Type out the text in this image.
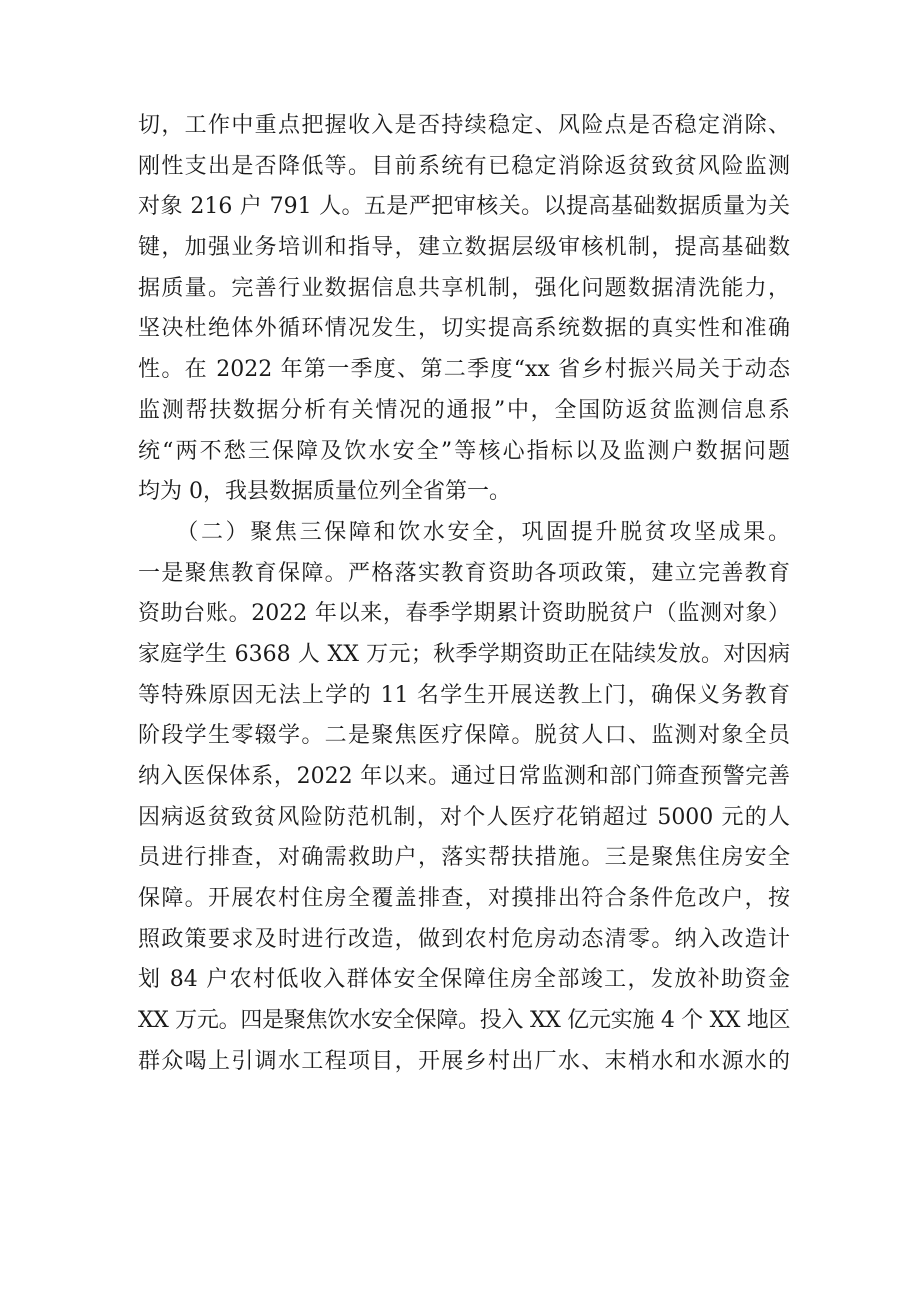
切，工作中重点把握收入是否持续稳定、风险点是否稳定消除、
刚性支出是否降低等。目前系统有已稳定消除返贫致贫风险监测
对象 216 户 791 人。五是严把审核关。以提高基础数据质量为关
键，加强业务培训和指导，建立数据层级审核机制，提高基础数
据质量。完善行业数据信息共享机制，强化问题数据清洗能力，
坚决杜绝体外循环情况发生，切实提高系统数据的真实性和准确
性。在 2022 年第一季度、第二季度“xx 省乡村振兴局关于动态
监测帮扶数据分析有关情况的通报”中，全国防返贫监测信息系
统“两不愁三保障及饮水安全”等核心指标以及监测户数据问题
均为 0，我县数据质量位列全省第一。
　　（二）聚焦三保障和饮水安全，巩固提升脱贫攻坚成果。
一是聚焦教育保障。严格落实教育资助各项政策，建立完善教育
资助台账。2022 年以来，春季学期累计资助脱贫户（监测对象）
家庭学生 6368 人 XX 万元；秋季学期资助正在陆续发放。对因病
等特殊原因无法上学的 11 名学生开展送教上门，确保义务教育
阶段学生零辍学。二是聚焦医疗保障。脱贫人口、监测对象全员
纳入医保体系，2022 年以来。通过日常监测和部门筛查预警完善
因病返贫致贫风险防范机制，对个人医疗花销超过 5000 元的人
员进行排查，对确需救助户，落实帮扶措施。三是聚焦住房安全
保障。开展农村住房全覆盖排查，对摸排出符合条件危改户，按
照政策要求及时进行改造，做到农村危房动态清零。纳入改造计
划 84 户农村低收入群体安全保障住房全部竣工，发放补助资金
XX 万元。四是聚焦饮水安全保障。投入 XX 亿元实施 4 个 XX 地区
群众喝上引调水工程项目，开展乡村出厂水、末梢水和水源水的
